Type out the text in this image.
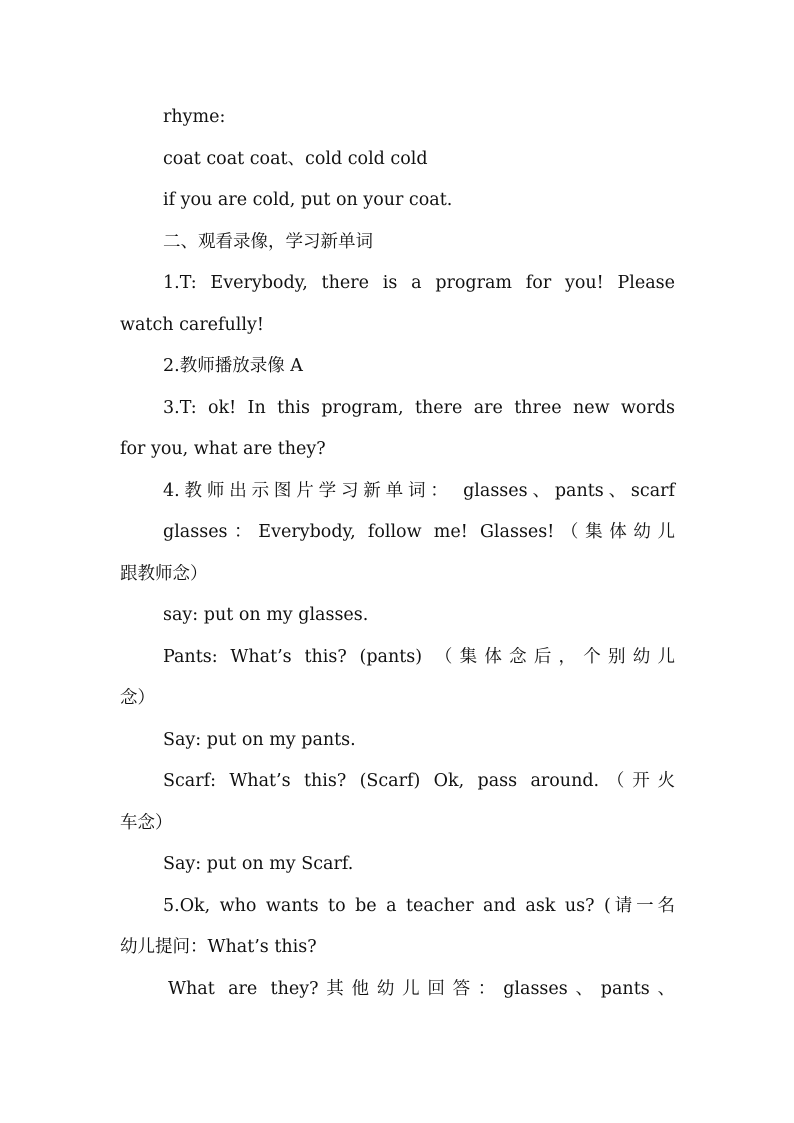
rhyme:

coat coat coat、cold cold cold

if you are cold, put on your coat.

二、观看录像，学习新单词

1.T: Everybody, there is a program for you! Please

watch carefully!

2.教师播放录像 A

3.T: ok! In this program, there are three new words

for you, what are they?

4.教师出示图片学习新单词： glasses、pants、scarf

glasses：Everybody, follow me! Glasses!（集体幼儿

跟教师念）

say: put on my glasses.

Pants: What’s this? (pants) （集体念后，个别幼儿

念）

Say: put on my pants.

Scarf: What’s this? (Scarf) Ok, pass around.（开火

车念）

Say: put on my Scarf.

5.Ok, who wants to be a teacher and ask us? (请一名

幼儿提问：What’s this?

What are they?其他幼儿回答：glasses、pants、
